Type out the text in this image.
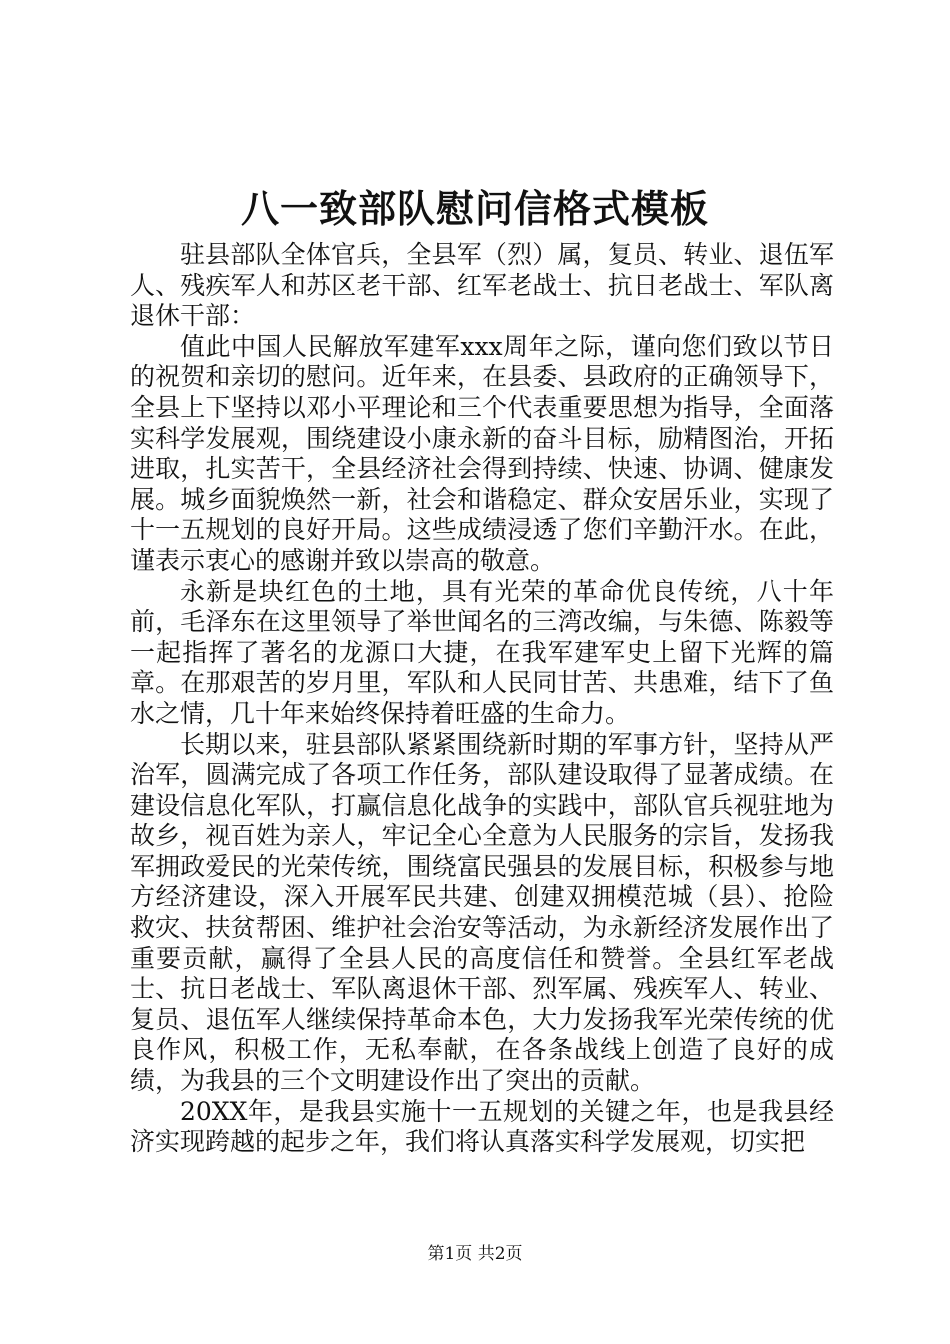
八一致部队慰问信格式模板

驻县部队全体官兵，全县军（烈）属，复员、转业、退伍军人、残疾军人和苏区老干部、红军老战士、抗日老战士、军队离退休干部：

值此中国人民解放军建军xxx周年之际，谨向您们致以节日的祝贺和亲切的慰问。近年来，在县委、县政府的正确领导下，全县上下坚持以邓小平理论和三个代表重要思想为指导，全面落实科学发展观，围绕建设小康永新的奋斗目标，励精图治，开拓进取，扎实苦干，全县经济社会得到持续、快速、协调、健康发展。城乡面貌焕然一新，社会和谐稳定、群众安居乐业，实现了十一五规划的良好开局。这些成绩浸透了您们辛勤汗水。在此，谨表示衷心的感谢并致以崇高的敬意。

永新是块红色的土地，具有光荣的革命优良传统，八十年前，毛泽东在这里领导了举世闻名的三湾改编，与朱德、陈毅等一起指挥了著名的龙源口大捷，在我军建军史上留下光辉的篇章。在那艰苦的岁月里，军队和人民同甘苦、共患难，结下了鱼水之情，几十年来始终保持着旺盛的生命力。

长期以来，驻县部队紧紧围绕新时期的军事方针，坚持从严治军，圆满完成了各项工作任务，部队建设取得了显著成绩。在建设信息化军队，打赢信息化战争的实践中，部队官兵视驻地为故乡，视百姓为亲人，牢记全心全意为人民服务的宗旨，发扬我军拥政爱民的光荣传统，围绕富民强县的发展目标，积极参与地方经济建设，深入开展军民共建、创建双拥模范城（县）、抢险救灾、扶贫帮困、维护社会治安等活动，为永新经济发展作出了重要贡献，赢得了全县人民的高度信任和赞誉。全县红军老战士、抗日老战士、军队离退休干部、烈军属、残疾军人、转业、复员、退伍军人继续保持革命本色，大力发扬我军光荣传统的优良作风，积极工作，无私奉献，在各条战线上创造了良好的成绩，为我县的三个文明建设作出了突出的贡献。

20XX年，是我县实施十一五规划的关键之年，也是我县经济实现跨越的起步之年，我们将认真落实科学发展观，切实把

第1页 共2页
